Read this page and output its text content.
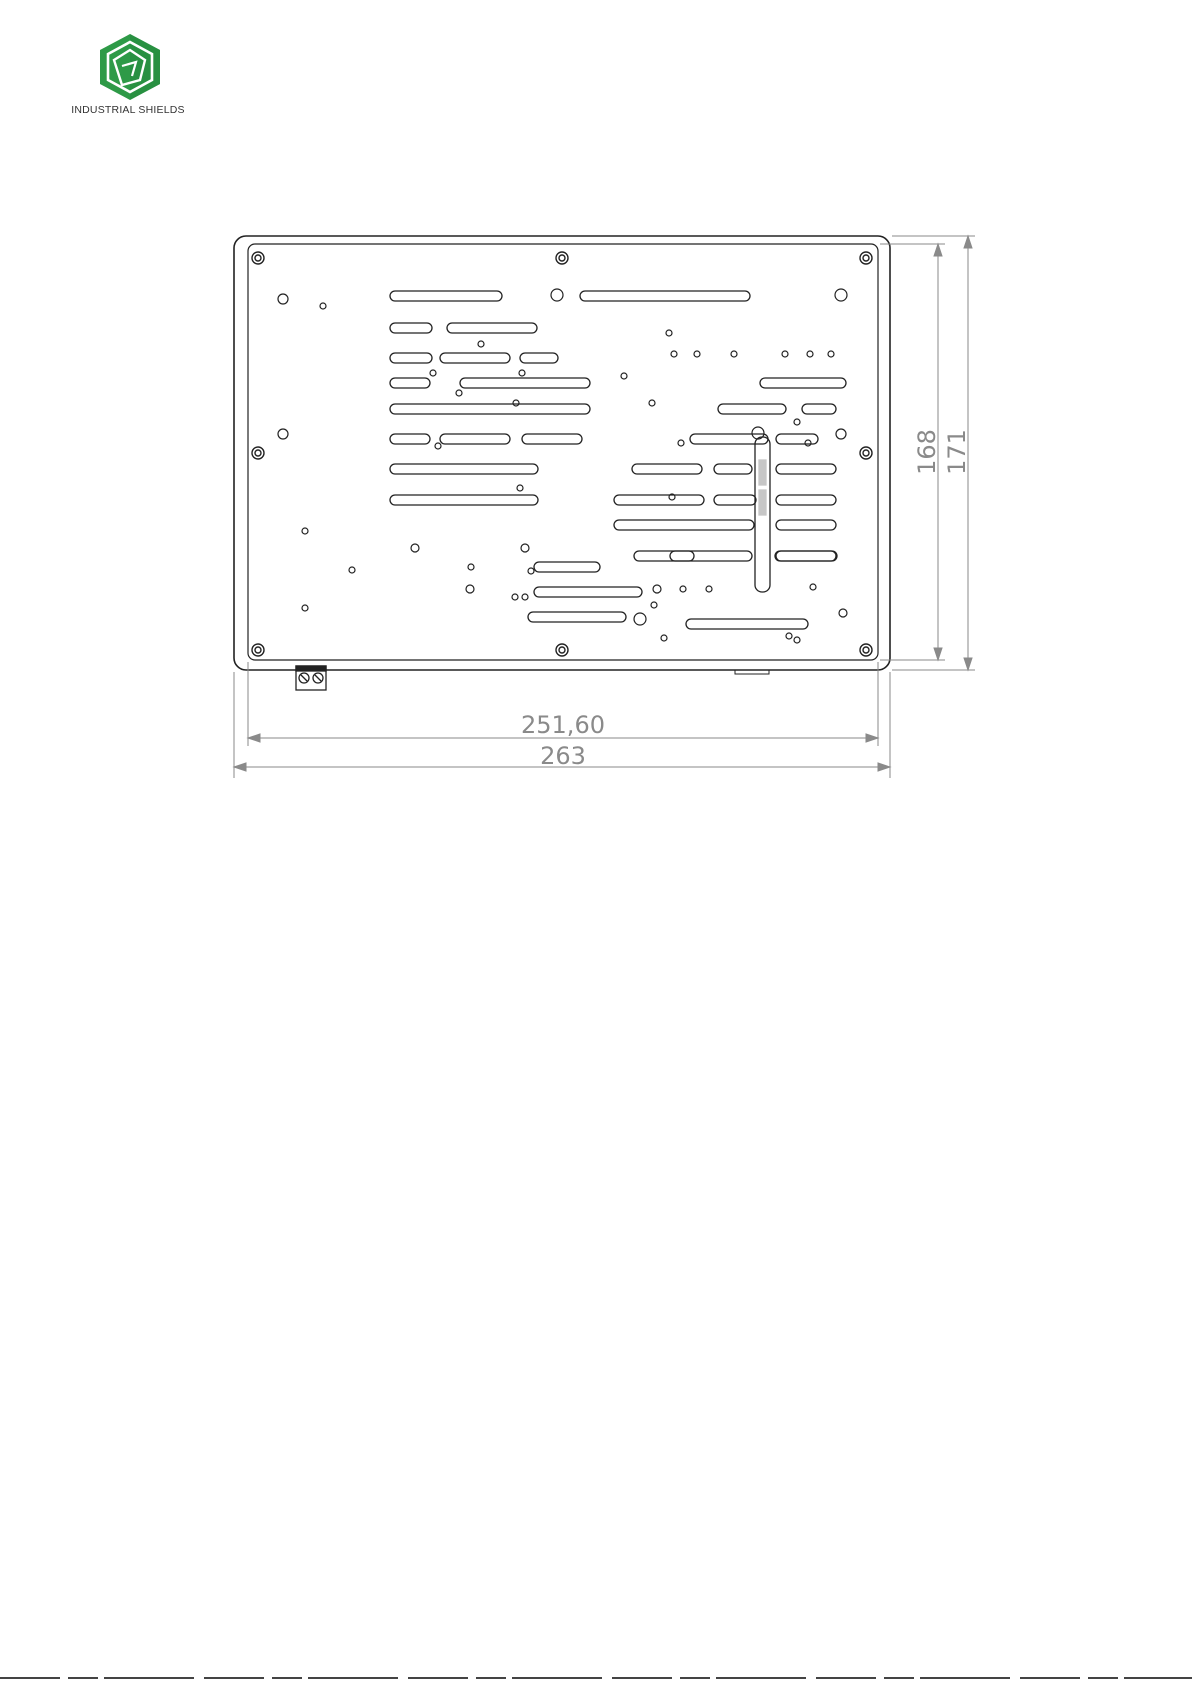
INDUSTRIAL SHIELDS
251,60
263
168 171
